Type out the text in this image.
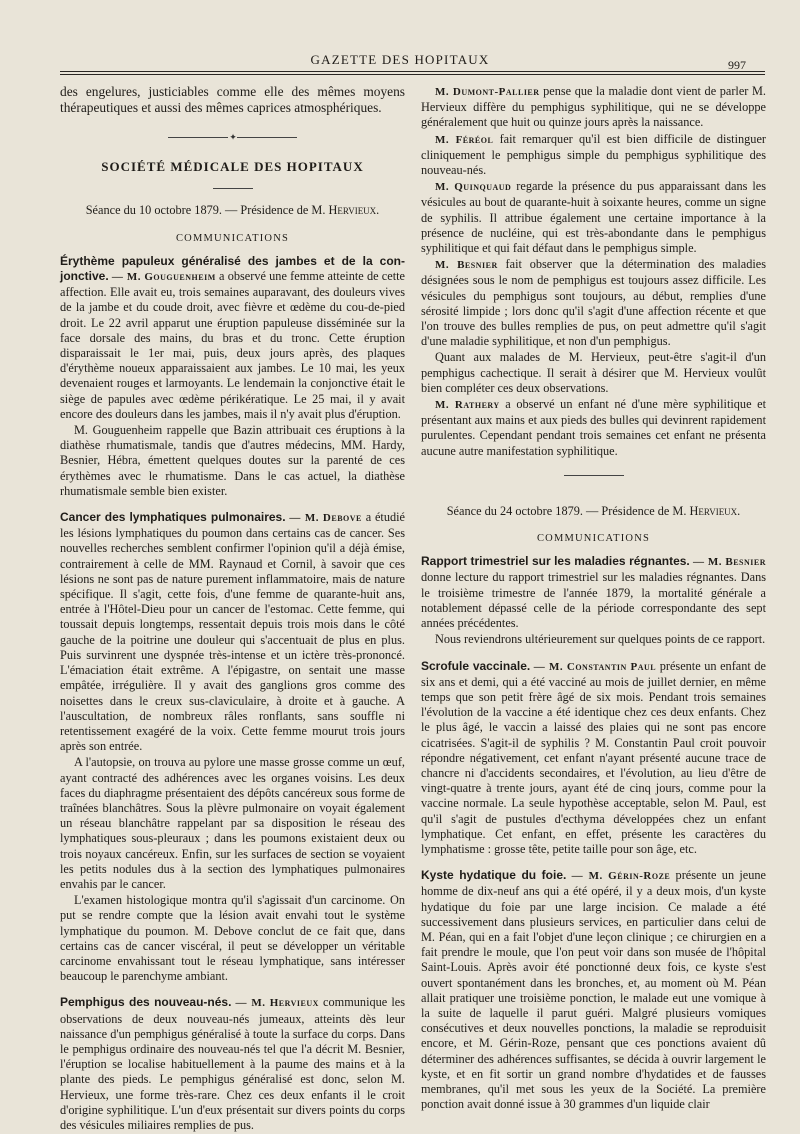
GAZETTE DES HOPITAUX	997

des engelures, justiciables comme elle des mêmes moyens thérapeutiques et aussi des mêmes caprices atmosphériques.

✦
SOCIÉTÉ MÉDICALE DES HOPITAUX
Séance du 10 octobre 1879. — Présidence de M. Hervieux.
COMMUNICATIONS

Érythème papuleux généralisé des jambes et de la con-jonctive. — M. Gouguenheim a observé une femme atteinte de cette affection. Elle avait eu, trois semaines auparavant, des douleurs vives de la jambe et du coude droit, avec fièvre et œdème du cou-de-pied droit. Le 22 avril apparut une éruption papuleuse disséminée sur la face dorsale des mains, du bras et du tronc. Cette éruption disparaissait le 1er mai, puis, deux jours après, des plaques d'érythème noueux apparaissaient aux jambes. Le 10 mai, les yeux devenaient rouges et larmoyants. Le lendemain la conjonctive était le siège de papules avec œdème périkératique. Le 25 mai, il y avait encore des douleurs dans les jambes, mais il n'y avait plus d'éruption.

M. Gouguenheim rappelle que Bazin attribuait ces éruptions à la diathèse rhumatismale, tandis que d'autres médecins, MM. Hardy, Besnier, Hébra, émettent quelques doutes sur la parenté de ces érythèmes avec le rhumatisme. Dans le cas actuel, la diathèse rhumatismale semble bien exister.

Cancer des lymphatiques pulmonaires. — M. Debove a étudié les lésions lymphatiques du poumon dans certains cas de cancer. Ses nouvelles recherches semblent confirmer l'opinion qu'il a déjà émise, contrairement à celle de MM. Raynaud et Cornil, à savoir que ces lésions ne sont pas de nature purement inflammatoire, mais de nature spécifique. Il s'agit, cette fois, d'une femme de quarante-huit ans, entrée à l'Hôtel-Dieu pour un cancer de l'estomac. Cette femme, qui toussait depuis longtemps, ressentait depuis trois mois dans le côté gauche de la poitrine une douleur qui s'accentuait de plus en plus. Puis survinrent une dyspnée très-intense et un ictère très-prononcé. L'émaciation était extrême. A l'épigastre, on sentait une masse empâtée, irrégulière. Il y avait des ganglions gros comme des noisettes dans le creux sus-claviculaire, à droite et à gauche. A l'auscultation, de nombreux râles ronflants, sans souffle ni retentissement exagéré de la voix. Cette femme mourut trois jours après son entrée.

A l'autopsie, on trouva au pylore une masse grosse comme un œuf, ayant contracté des adhérences avec les organes voisins. Les deux faces du diaphragme présentaient des dépôts cancéreux sous forme de traînées blanchâtres. Sous la plèvre pulmonaire on voyait également un réseau blanchâtre rappelant par sa disposition le réseau des lymphatiques sous-pleuraux ; dans les poumons existaient deux ou trois noyaux cancéreux. Enfin, sur les surfaces de section se voyaient les petits nodules dus à la section des lymphatiques pulmonaires envahis par le cancer.

L'examen histologique montra qu'il s'agissait d'un carcinome. On put se rendre compte que la lésion avait envahi tout le système lymphatique du poumon. M. Debove conclut de ce fait que, dans certains cas de cancer viscéral, il peut se développer un véritable carcinome envahissant tout le réseau lymphatique, sans intéresser beaucoup le parenchyme ambiant.

Pemphigus des nouveau-nés. — M. Hervieux communique les observations de deux nouveau-nés jumeaux, atteints dès leur naissance d'un pemphigus généralisé à toute la surface du corps. Dans le pemphigus ordinaire des nouveau-nés tel que l'a décrit M. Besnier, l'éruption se localise habituellement à la paume des mains et à la plante des pieds. Le pemphigus généralisé est donc, selon M. Hervieux, une forme très-rare. Chez ces deux enfants il le croit d'origine syphilitique. L'un d'eux présentait sur divers points du corps des vésicules miliaires remplies de pus.

M. Dumont-Pallier pense que la maladie dont vient de parler M. Hervieux diffère du pemphigus syphilitique, qui ne se développe généralement que huit ou quinze jours après la naissance.

M. Féréol fait remarquer qu'il est bien difficile de distinguer cliniquement le pemphigus simple du pemphigus syphilitique des nouveau-nés.

M. Quinquaud regarde la présence du pus apparaissant dans les vésicules au bout de quarante-huit à soixante heures, comme un signe de syphilis. Il attribue également une certaine importance à la présence de nucléine, qui est très-abondante dans le pemphigus syphilitique et qui fait défaut dans le pemphigus simple.

M. Besnier fait observer que la détermination des maladies désignées sous le nom de pemphigus est toujours assez difficile. Les vésicules du pemphigus sont toujours, au début, remplies d'une sérosité limpide ; lors donc qu'il s'agit d'une affection récente et que l'on trouve des bulles remplies de pus, on peut admettre qu'il s'agit d'une maladie syphilitique, et non d'un pemphigus.

Quant aux malades de M. Hervieux, peut-être s'agit-il d'un pemphigus cachectique. Il serait à désirer que M. Hervieux voulût bien compléter ces deux observations.

M. Rathery a observé un enfant né d'une mère syphilitique et présentant aux mains et aux pieds des bulles qui devinrent rapidement purulentes. Cependant pendant trois semaines cet enfant ne présenta aucune autre manifestation syphilitique.

Séance du 24 octobre 1879. — Présidence de M. Hervieux.
COMMUNICATIONS

Rapport trimestriel sur les maladies régnantes. — M. Besnier donne lecture du rapport trimestriel sur les maladies régnantes. Dans le troisième trimestre de l'année 1879, la mortalité générale a notablement dépassé celle de la période correspondante des sept années précédentes.

Nous reviendrons ultérieurement sur quelques points de ce rapport.

Scrofule vaccinale. — M. Constantin Paul présente un enfant de six ans et demi, qui a été vacciné au mois de juillet dernier, en même temps que son petit frère âgé de six mois. Pendant trois semaines l'évolution de la vaccine a été identique chez ces deux enfants. Chez le plus âgé, le vaccin a laissé des plaies qui ne sont pas encore cicatrisées. S'agit-il de syphilis ? M. Constantin Paul croit pouvoir répondre négativement, cet enfant n'ayant présenté aucune trace de chancre ni d'accidents secondaires, et l'évolution, au lieu d'être de vingt-quatre à trente jours, ayant été de cinq jours, comme pour la vaccine normale. La seule hypothèse acceptable, selon M. Paul, est qu'il s'agit de pustules d'ecthyma développées chez un enfant lymphatique. Cet enfant, en effet, présente les caractères du lymphatisme : grosse tête, petite taille pour son âge, etc.

Kyste hydatique du foie. — M. Gérin-Roze présente un jeune homme de dix-neuf ans qui a été opéré, il y a deux mois, d'un kyste hydatique du foie par une large incision. Ce malade a été successivement dans plusieurs services, en particulier dans celui de M. Péan, qui en a fait l'objet d'une leçon clinique ; ce chirurgien en a fait prendre le moule, que l'on peut voir dans son musée de l'hôpital Saint-Louis. Après avoir été ponctionné deux fois, ce kyste s'est ouvert spontanément dans les bronches, et, au moment où M. Péan allait pratiquer une troisième ponction, le malade eut une vomique à la suite de laquelle il parut guéri. Malgré plusieurs vomiques consécutives et deux nouvelles ponctions, la maladie se reproduisit encore, et M. Gérin-Roze, pensant que ces ponctions avaient dû déterminer des adhérences suffisantes, se décida à ouvrir largement le kyste, et en fit sortir un grand nombre d'hydatides et de fausses membranes, qu'il met sous les yeux de la Société. La première ponction avait donné issue à 30 grammes d'un liquide clair
